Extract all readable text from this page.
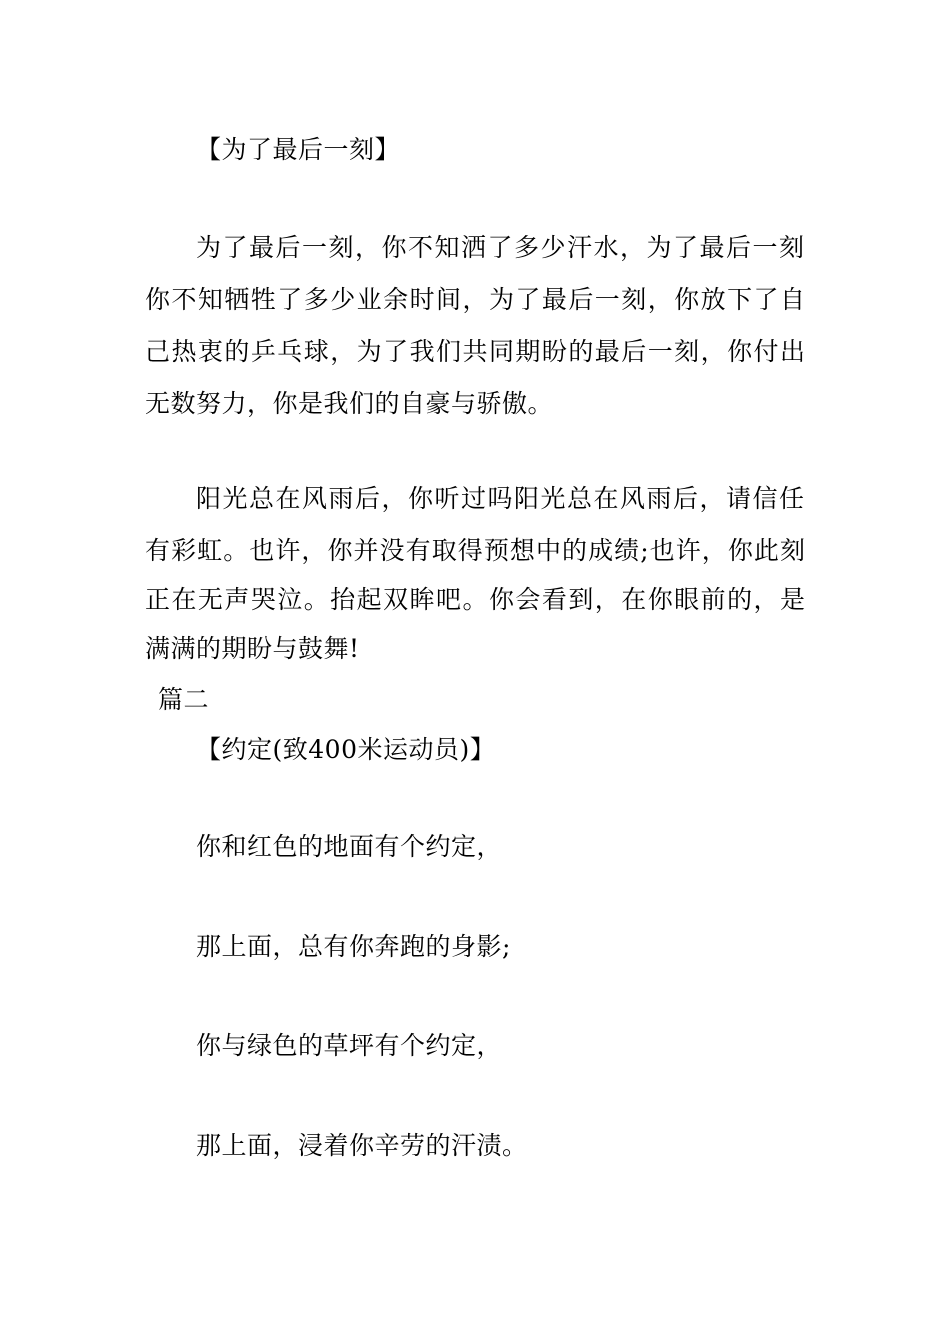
【为了最后一刻】
为了最后一刻，你不知洒了多少汗水，为了最后一刻
你不知牺牲了多少业余时间，为了最后一刻，你放下了自
己热衷的乒乓球，为了我们共同期盼的最后一刻，你付出
无数努力，你是我们的自豪与骄傲。
阳光总在风雨后，你听过吗阳光总在风雨后，请信任
有彩虹。也许，你并没有取得预想中的成绩;也许，你此刻
正在无声哭泣。抬起双眸吧。你会看到，在你眼前的，是
满满的期盼与鼓舞!
篇二
【约定(致400米运动员)】
你和红色的地面有个约定，
那上面，总有你奔跑的身影;
你与绿色的草坪有个约定，
那上面，浸着你辛劳的汗渍。
